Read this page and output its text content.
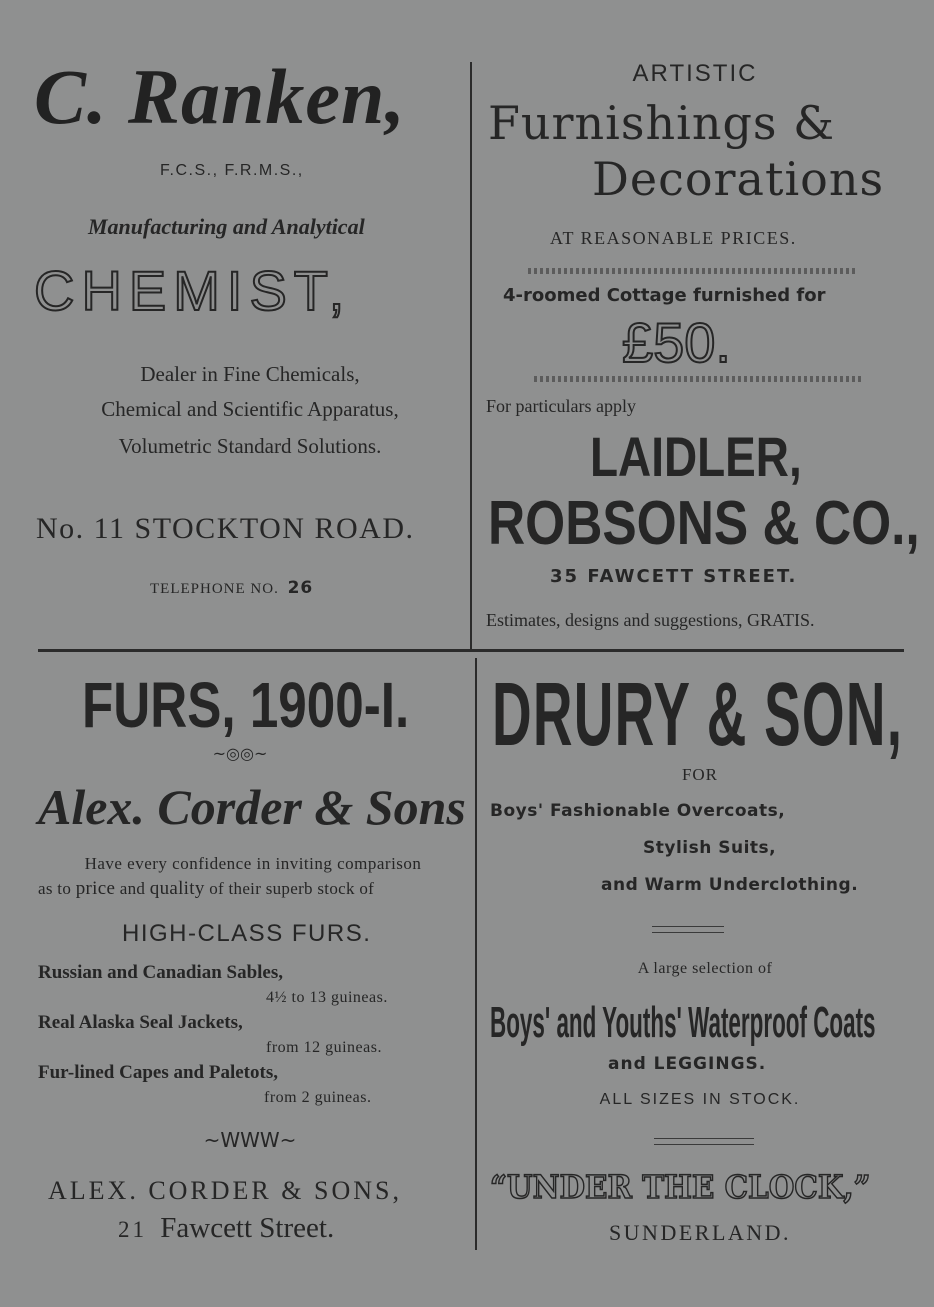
C. Ranken,
F.C.S., F.R.M.S.,
Manufacturing and Analytical
CHEMIST,
Dealer in Fine Chemicals,
Chemical and Scientific Apparatus,
Volumetric Standard Solutions.
No. 11 STOCKTON ROAD.
TELEPHONE NO. 26
ARTISTIC
Furnishings &
Decorations
AT REASONABLE PRICES.
4-roomed Cottage furnished for
£50.
For particulars apply
LAIDLER,
ROBSONS & CO.,
35 FAWCETT STREET.
Estimates, designs and suggestions, GRATIS.
FURS, 1900-I.
~◎◎~
Alex. Corder & Sons
Have every confidence in inviting comparison
as to price and quality of their superb stock of
HIGH-CLASS FURS.
Russian and Canadian Sables,
4½ to 13 guineas.
Real Alaska Seal Jackets,
from 12 guineas.
Fur-lined Capes and Paletots,
from 2 guineas.
~WWW~
ALEX. CORDER & SONS,
21 Fawcett Street.
DRURY & SON,
FOR
Boys' Fashionable Overcoats,
Stylish Suits,
and Warm Underclothing.
A large selection of
Boys' and Youths' Waterproof Coats
and LEGGINGS.
ALL SIZES IN STOCK.
“UNDER THE CLOCK,”
SUNDERLAND.
